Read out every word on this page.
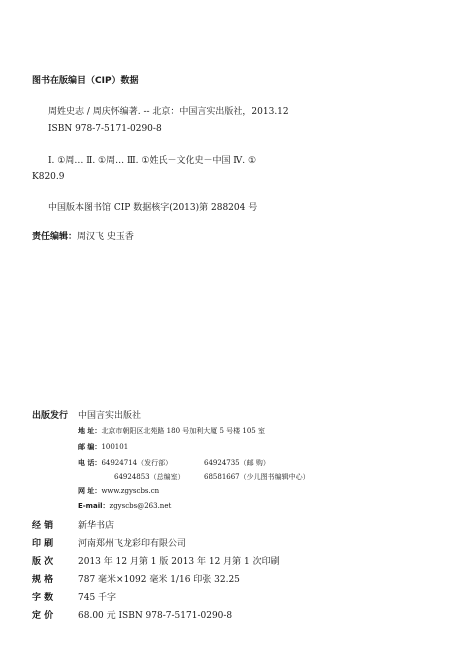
图书在版编目（CIP）数据
周姓史志 / 周庆怀编著. -- 北京：中国言实出版社，2013.12
ISBN 978-7-5171-0290-8
Ⅰ. ①周… Ⅱ. ①周… Ⅲ. ①姓氏－文化史－中国 Ⅳ. ①
K820.9
中国版本图书馆 CIP 数据核字(2013)第 288204 号
责任编辑：周汉飞 史玉香
出版发行 中国言实出版社
地 址：北京市朝阳区北苑路 180 号加利大厦 5 号楼 105 室
邮 编：100101
电 话：64924714（发行部）	64924735（邮 购）
64924853（总编室）	68581667（少儿图书编辑中心）
网 址：www.zgyscbs.cn
E-mail：zgyscbs@263.net
经 销	新华书店
印 刷	河南郑州飞龙彩印有限公司
版 次	2013 年 12 月第 1 版 2013 年 12 月第 1 次印刷
规 格	787 毫米×1092 毫米 1/16 印张 32.25
字 数	745 千字
定 价	68.00 元 ISBN 978-7-5171-0290-8
